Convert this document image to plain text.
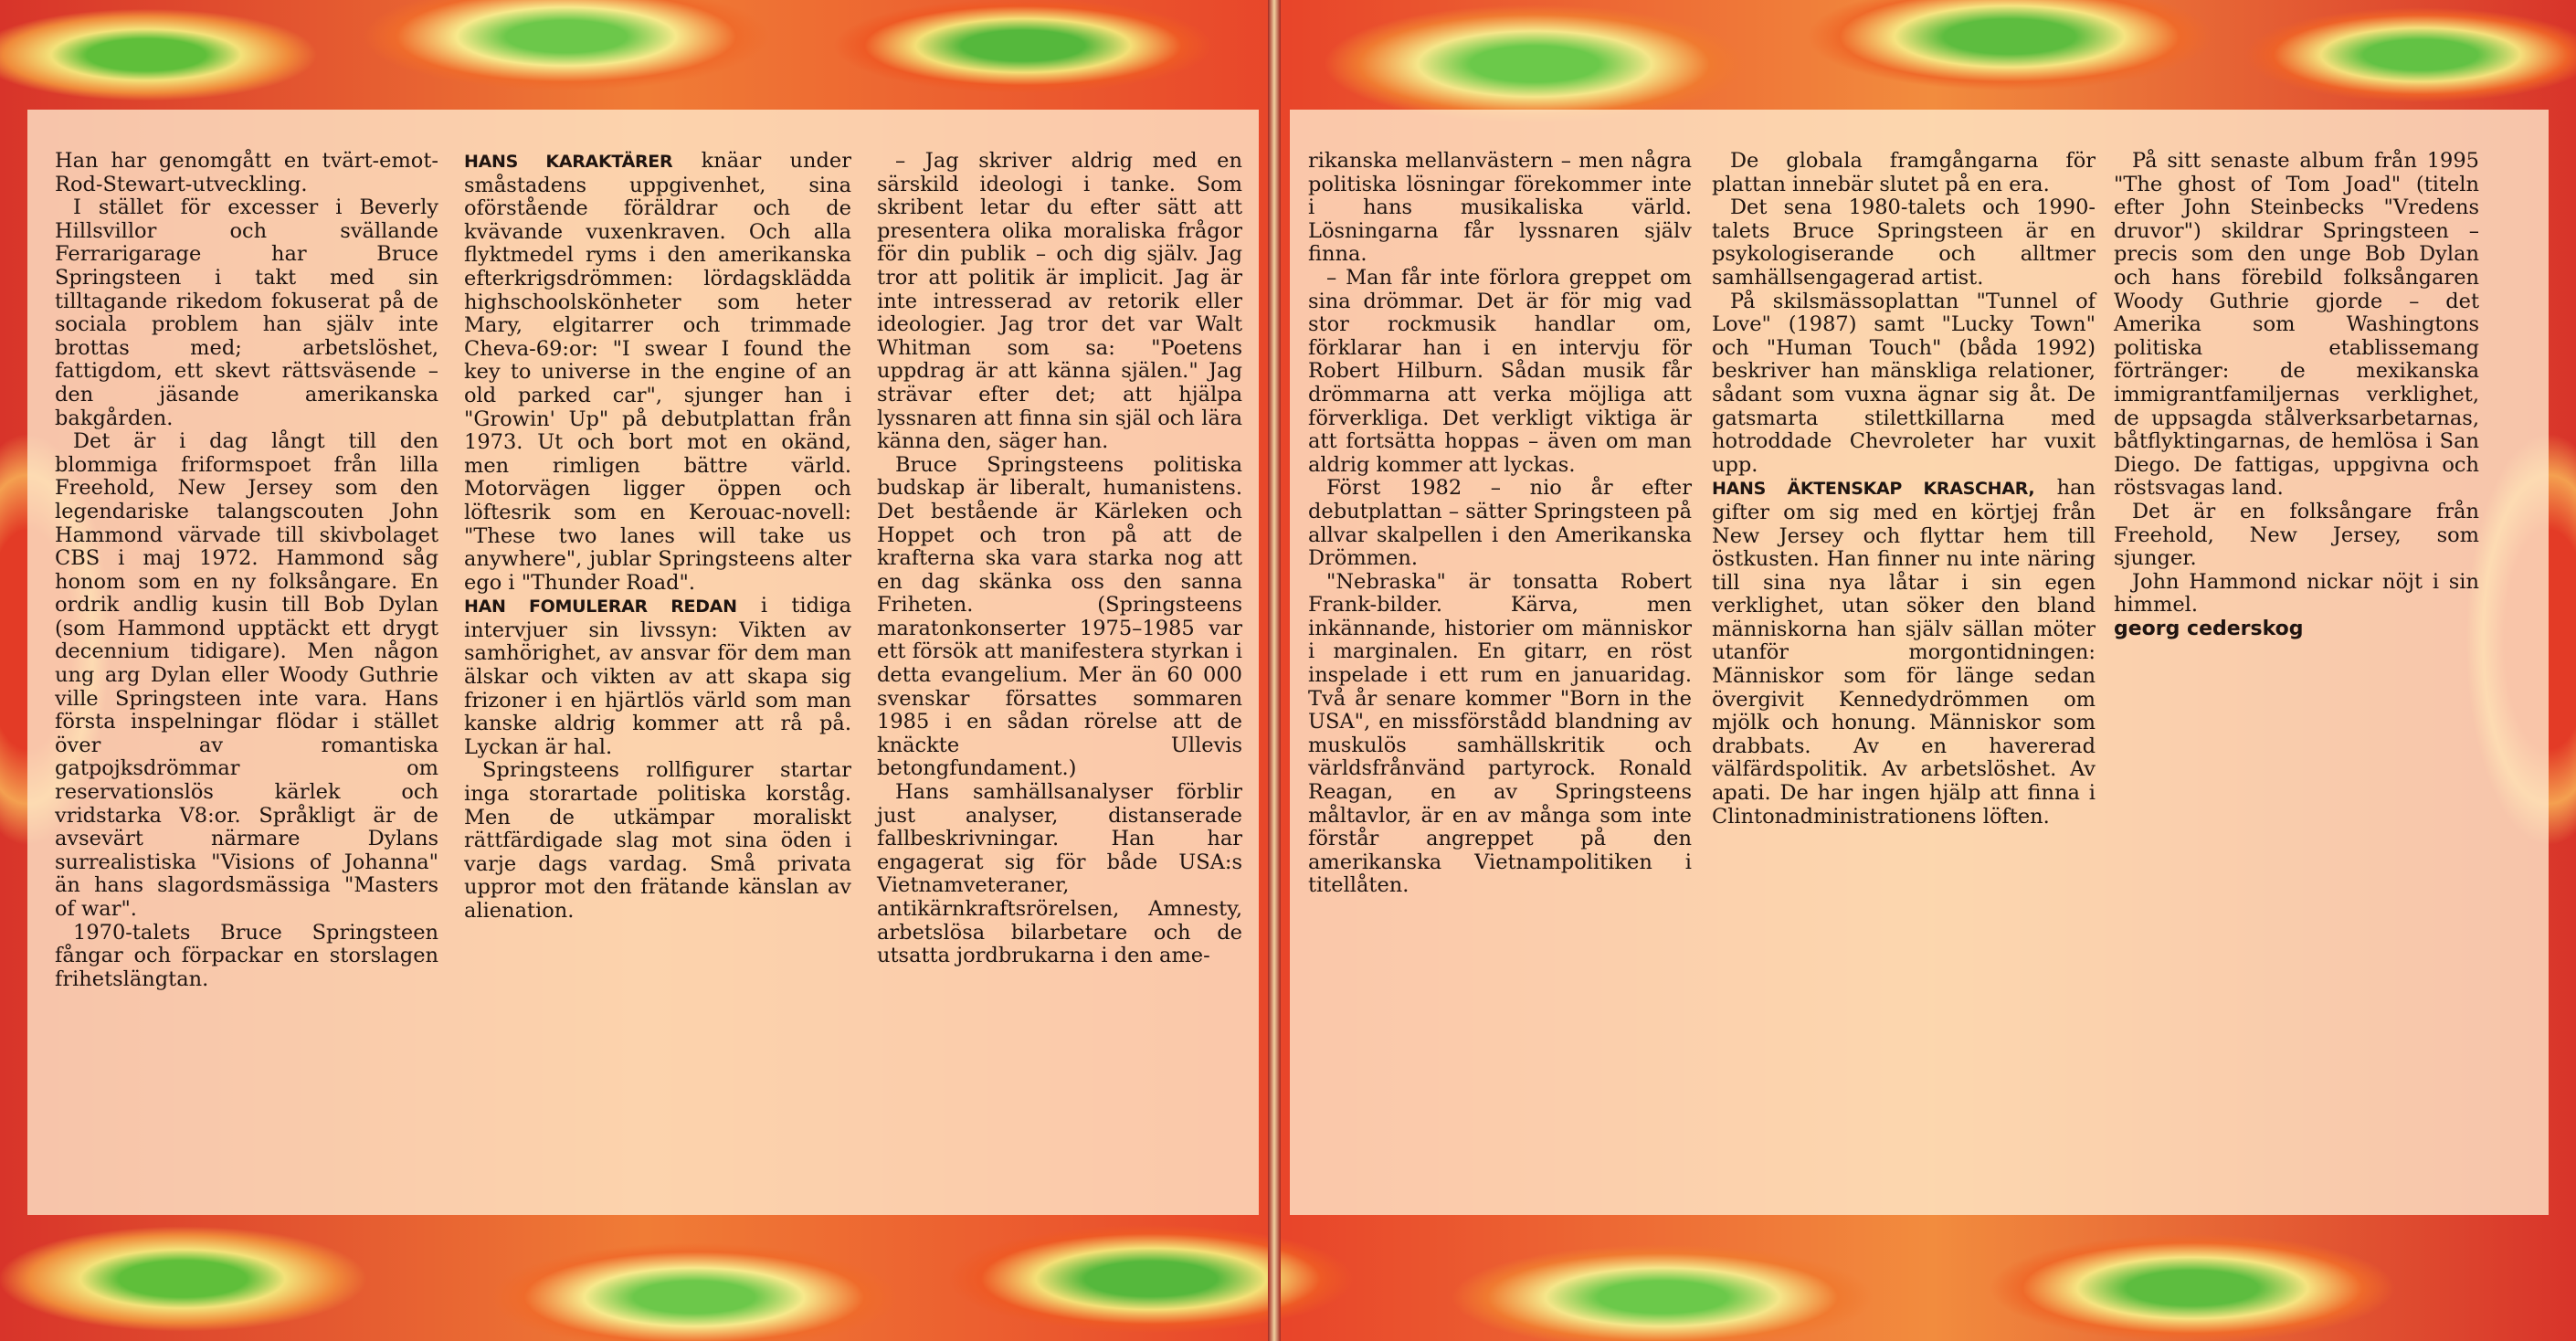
Han har genomgått en tvärt-emot-Rod-Stewart-utveckling.

I stället för excesser i Beverly Hillsvillor och svällande Ferrarigarage har Bruce Springsteen i takt med sin tilltagande rikedom fokuserat på de sociala problem han själv inte brottas med; arbetslöshet, fattigdom, ett skevt rättsväsende – den jäsande amerikanska bakgården.

Det är i dag långt till den blommiga friformspoet från lilla Freehold, New Jersey som den legendariske talangscouten John Hammond värvade till skivbolaget CBS i maj 1972. Hammond såg honom som en ny folksångare. En ordrik andlig kusin till Bob Dylan (som Hammond upptäckt ett drygt decennium tidigare). Men någon ung arg Dylan eller Woody Guthrie ville Springsteen inte vara. Hans första inspelningar flödar i stället över av romantiska gatpojksdrömmar om reservationslös kärlek och vridstarka V8:or. Språkligt är de avsevärt närmare Dylans surrealistiska "Visions of Johanna" än hans slagordsmässiga "Masters of war".

1970-talets Bruce Springsteen fångar och förpackar en storslagen frihetslängtan.

HANS KARAKTÄRER knäar under småstadens uppgivenhet, sina oförstående föräldrar och de kvävande vuxenkraven. Och alla flyktmedel ryms i den amerikanska efterkrigsdrömmen: lördagsklädda highschoolskönheter som heter Mary, elgitarrer och trimmade Cheva-69:or: "I swear I found the key to universe in the engine of an old parked car", sjunger han i "Growin' Up" på debutplattan från 1973. Ut och bort mot en okänd, men rimligen bättre värld. Motorvägen ligger öppen och löftesrik som en Kerouac-novell: "These two lanes will take us anywhere", jublar Springsteens alter ego i "Thunder Road".

HAN FOMULERAR REDAN i tidiga intervjuer sin livssyn: Vikten av samhörighet, av ansvar för dem man älskar och vikten av att skapa sig frizoner i en hjärtlös värld som man kanske aldrig kommer att rå på. Lyckan är hal.

Springsteens rollfigurer startar inga storartade politiska korståg. Men de utkämpar moraliskt rättfärdigade slag mot sina öden i varje dags vardag. Små privata uppror mot den frätande känslan av alienation.

– Jag skriver aldrig med en särskild ideologi i tanke. Som skribent letar du efter sätt att presentera olika moraliska frågor för din publik – och dig själv. Jag tror att politik är implicit. Jag är inte intresserad av retorik eller ideologier. Jag tror det var Walt Whitman som sa: "Poetens uppdrag är att känna själen." Jag strävar efter det; att hjälpa lyssnaren att finna sin själ och lära känna den, säger han.

Bruce Springsteens politiska budskap är liberalt, humanistens. Det bestående är Kärleken och Hoppet och tron på att de krafterna ska vara starka nog att en dag skänka oss den sanna Friheten. (Springsteens maratonkonserter 1975–1985 var ett försök att manifestera styrkan i detta evangelium. Mer än 60 000 svenskar försattes sommaren 1985 i en sådan rörelse att de knäckte Ullevis betongfundament.)

Hans samhällsanalyser förblir just analyser, distanserade fallbeskrivningar. Han har engagerat sig för både USA:s Vietnamveteraner, antikärnkraftsrörelsen, Amnesty, arbetslösa bilarbetare och de utsatta jordbrukarna i den ame-

rikanska mellanvästern – men några politiska lösningar förekommer inte i hans musikaliska värld. Lösningarna får lyssnaren själv finna.

– Man får inte förlora greppet om sina drömmar. Det är för mig vad stor rockmusik handlar om, förklarar han i en intervju för Robert Hilburn. Sådan musik får drömmarna att verka möjliga att förverkliga. Det verkligt viktiga är att fortsätta hoppas – även om man aldrig kommer att lyckas.

Först 1982 – nio år efter debutplattan – sätter Springsteen på allvar skalpellen i den Amerikanska Drömmen.

"Nebraska" är tonsatta Robert Frank-bilder. Kärva, men inkännande, historier om människor i marginalen. En gitarr, en röst inspelade i ett rum en januaridag. Två år senare kommer "Born in the USA", en missförstådd blandning av muskulös samhällskritik och världsfrånvänd partyrock. Ronald Reagan, en av Springsteens måltavlor, är en av många som inte förstår angreppet på den amerikanska Vietnampolitiken i titellåten.

De globala framgångarna för plattan innebär slutet på en era.

Det sena 1980-talets och 1990-talets Bruce Springsteen är en psykologiserande och alltmer samhällsengagerad artist.

På skilsmässoplattan "Tunnel of Love" (1987) samt "Lucky Town" och "Human Touch" (båda 1992) beskriver han mänskliga relationer, sådant som vuxna ägnar sig åt. De gatsmarta stilettkillarna med hotroddade Chevroleter har vuxit upp.

HANS ÄKTENSKAP KRASCHAR, han gifter om sig med en körtjej från New Jersey och flyttar hem till östkusten. Han finner nu inte näring till sina nya låtar i sin egen verklighet, utan söker den bland människorna han själv sällan möter utanför morgontidningen: Människor som för länge sedan övergivit Kennedydrömmen om mjölk och honung. Människor som drabbats. Av en havererad välfärdspolitik. Av arbetslöshet. Av apati. De har ingen hjälp att finna i Clintonadministrationens löften.

På sitt senaste album från 1995 "The ghost of Tom Joad" (titeln efter John Steinbecks "Vredens druvor") skildrar Springsteen – precis som den unge Bob Dylan och hans förebild folksångaren Woody Guthrie gjorde – det Amerika som Washingtons politiska etablissemang förtränger: de mexikanska immigrantfamiljernas verklighet, de uppsagda stålverksarbetarnas, båtflyktingarnas, de hemlösa i San Diego. De fattigas, uppgivna och röstsvagas land.

Det är en folksångare från Freehold, New Jersey, som sjunger.

John Hammond nickar nöjt i sin himmel.

georg cederskog
